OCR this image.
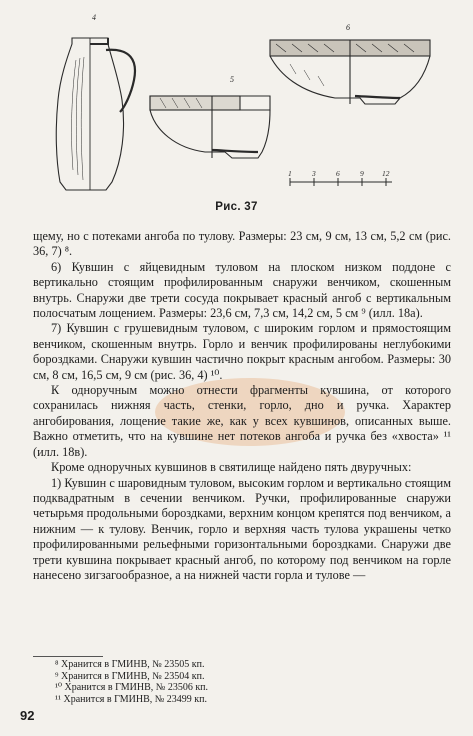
4
5
6
1	3	6	9 12
Рис. 37

щему, но с потеками ангоба по тулову. Размеры: 23 см, 9 см, 13 см, 5,2 см (рис. 36, 7) ⁸.

6) Кувшин с яйцевидным туловом на плоском низком поддоне с вертикально стоящим профилированным снаружи венчиком, скошенным внутрь. Снаружи две трети сосуда покрывает красный ангоб с вертикальным полосчатым лощением. Размеры: 23,6 см, 7,3 см, 14,2 см, 5 см ⁹ (илл. 18а).

7) Кувшин с грушевидным туловом, с широким горлом и прямостоящим венчиком, скошенным внутрь. Горло и венчик профилированы неглубокими бороздками. Снаружи кувшин частично покрыт красным ангобом. Размеры: 30 см, 8 см, 16,5 см, 9 см (рис. 36, 4) ¹⁰.

К одноручным можно отнести фрагменты кувшина, от которого сохранилась нижняя часть, стенки, горло, дно и ручка. Характер ангобирования, лощение такие же, как у всех кувшинов, описанных выше. Важно отметить, что на кувшине нет потеков ангоба и ручка без «хвоста» ¹¹ (илл. 18в).

Кроме одноручных кувшинов в святилище найдено пять двуручных:

1) Кувшин с шаровидным туловом, высоким горлом и вертикально стоящим подквадратным в сечении венчиком. Ручки, профилированные снаружи четырьмя продольными бороздками, верхним концом крепятся под венчиком, а нижним — к тулову. Венчик, горло и верхняя часть тулова украшены четко профилированными рельефными горизонтальными бороздками. Снаружи две трети кувшина покрывает красный ангоб, по которому под венчиком на горле нанесено зигзагообразное, а на нижней части горла и тулове —

⁸ Хранится в ГМИНВ, № 23505 кп.
⁹ Хранится в ГМИНВ, № 23504 кп.
¹⁰ Хранится в ГМИНВ, № 23506 кп.
¹¹ Хранится в ГМИНВ, № 23499 кп.
92
